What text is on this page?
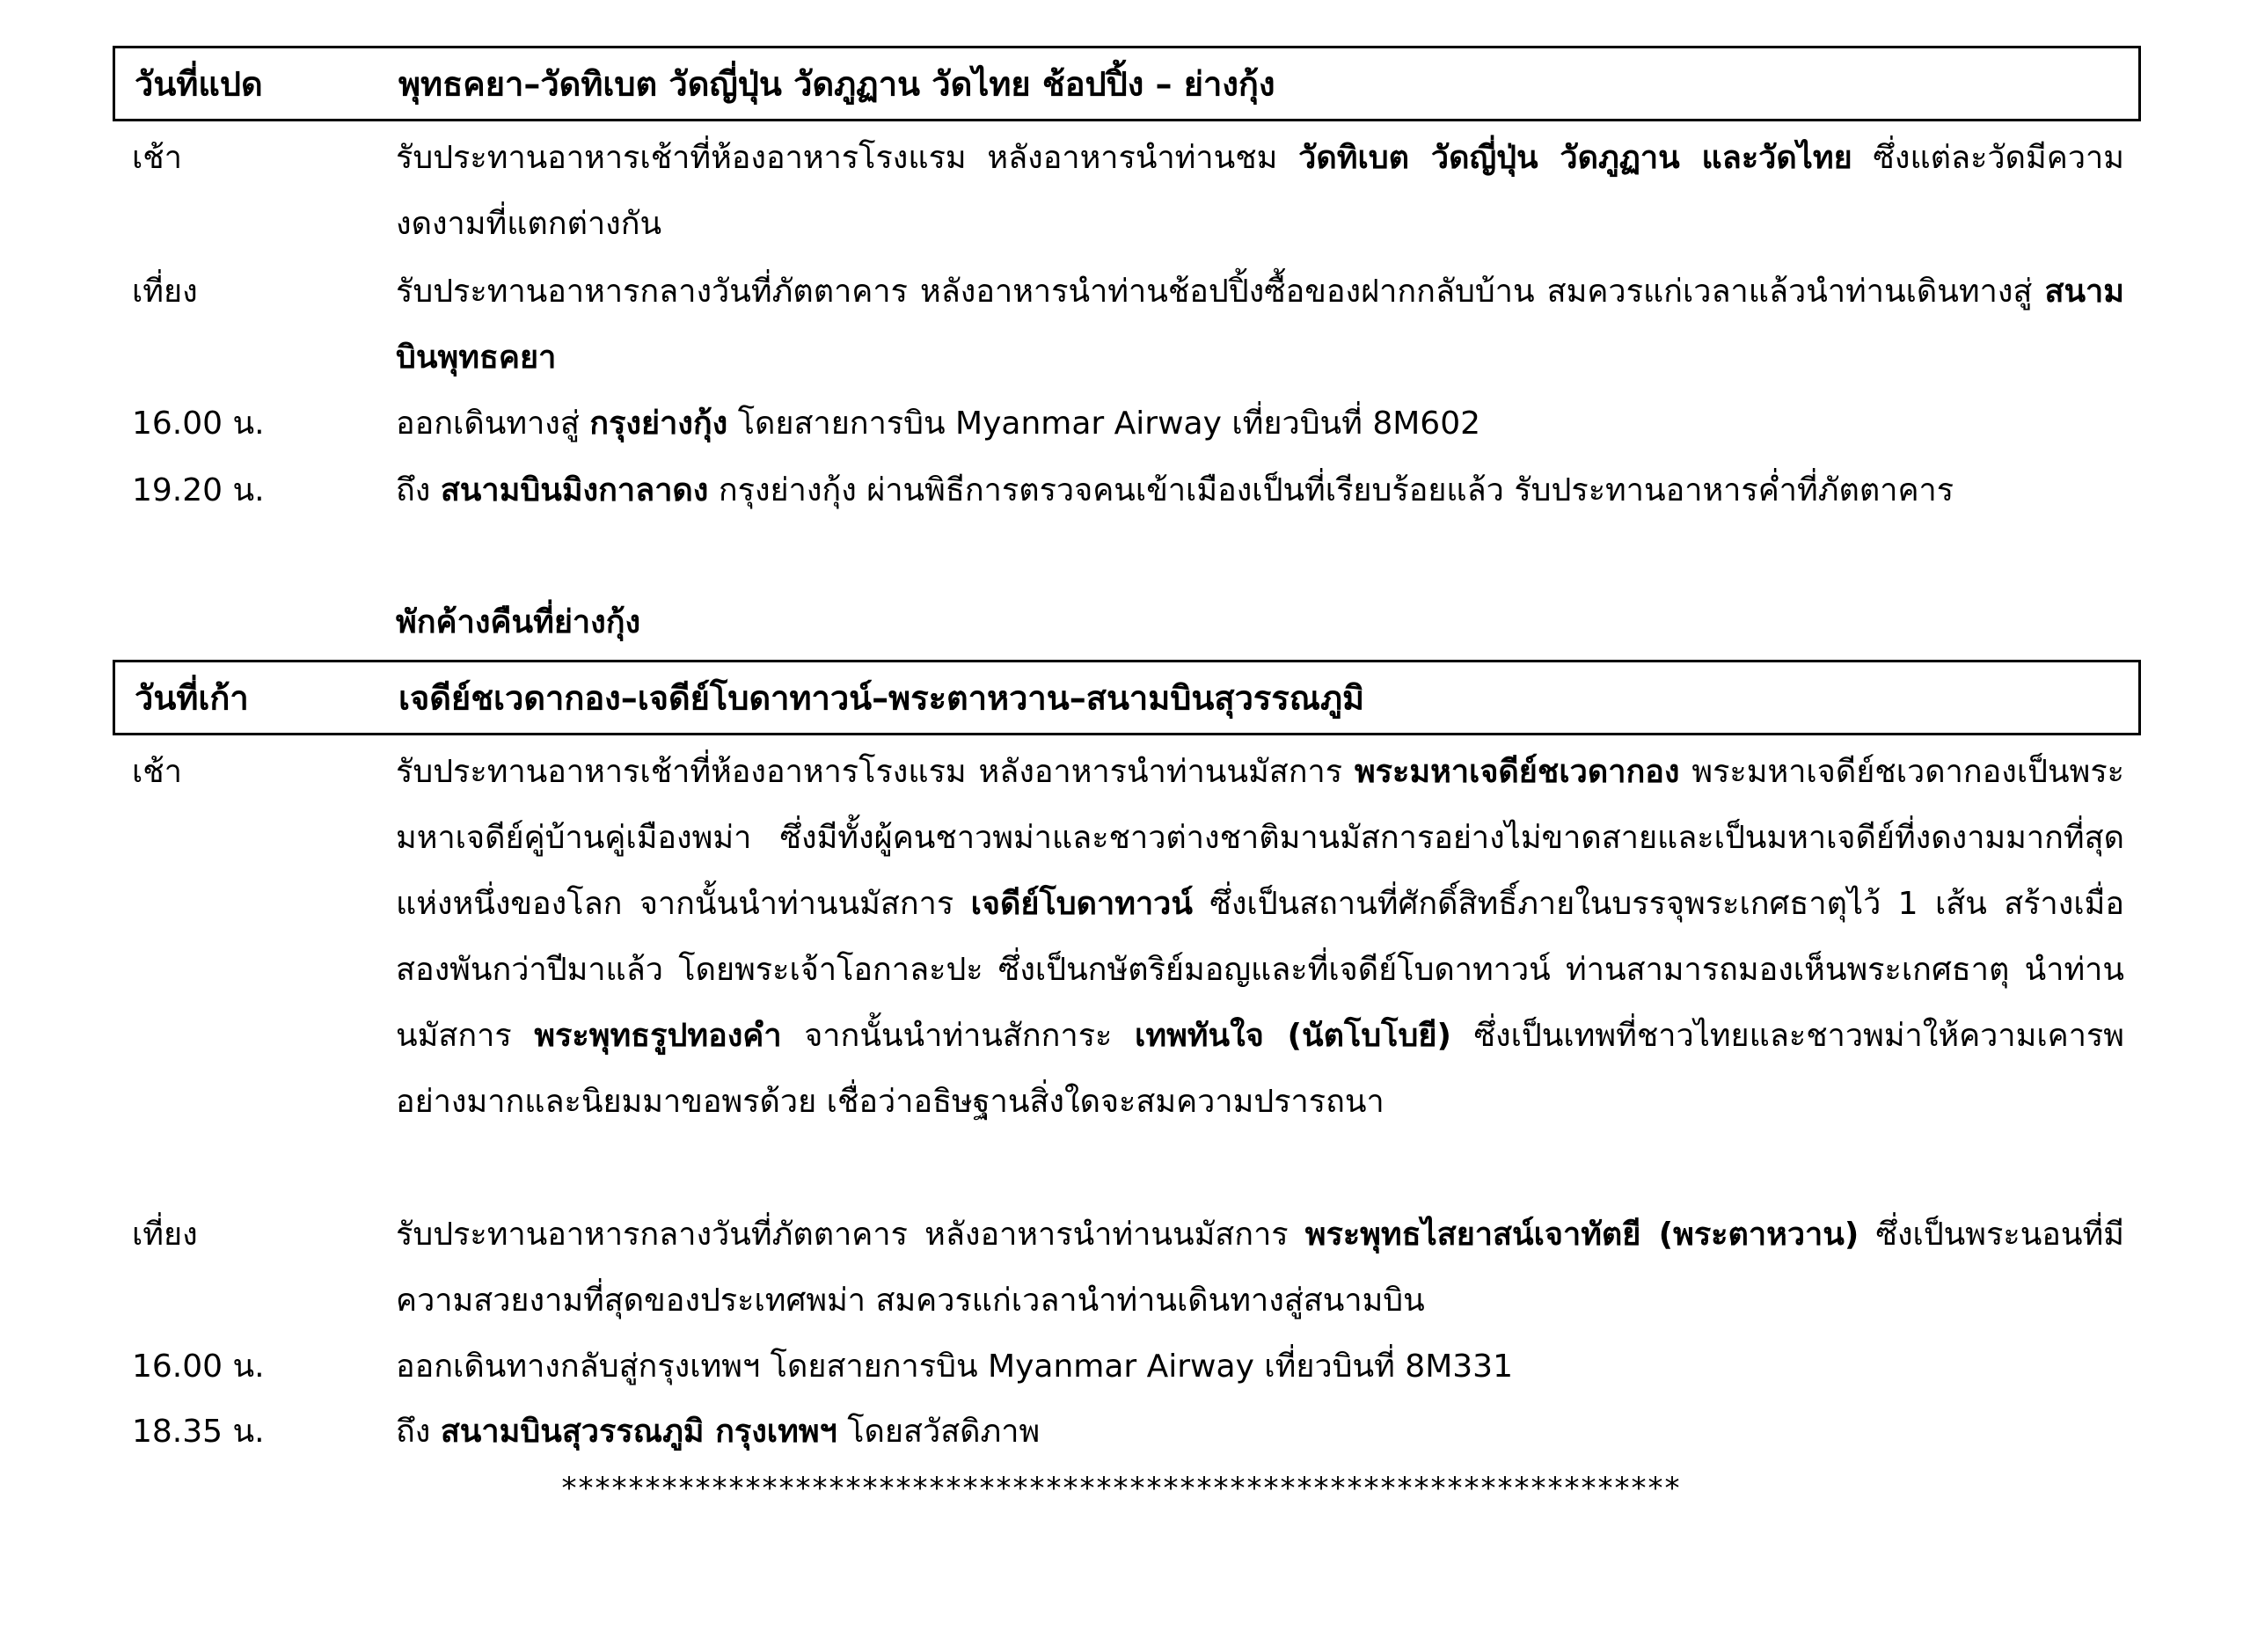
วันที่แปด	พุทธคยา–วัดทิเบต วัดญี่ปุ่น วัดภูฏาน วัดไทย ช้อปปิ้ง – ย่างกุ้ง
เช้า	รับประทานอาหารเช้าที่ห้องอาหารโรงแรม หลังอาหารนำท่านชม วัดทิเบต วัดญี่ปุ่น วัดภูฏาน และวัดไทย ซึ่งแต่ละวัดมีความงดงามที่แตกต่างกัน
เที่ยง	รับประทานอาหารกลางวันที่ภัตตาคาร หลังอาหารนำท่านช้อปปิ้งซื้อของฝากกลับบ้าน สมควรแก่เวลาแล้วนำท่านเดินทางสู่ สนามบินพุทธคยา
16.00 น.	ออกเดินทางสู่ กรุงย่างกุ้ง โดยสายการบิน Myanmar Airway เที่ยวบินที่ 8M602
19.20 น.	ถึง สนามบินมิงกาลาดง กรุงย่างกุ้ง ผ่านพิธีการตรวจคนเข้าเมืองเป็นที่เรียบร้อยแล้ว รับประทานอาหารค่ำที่ภัตตาคาร
พักค้างคืนที่ย่างกุ้ง
วันที่เก้า	เจดีย์ชเวดากอง–เจดีย์โบดาทาวน์–พระตาหวาน–สนามบินสุวรรณภูมิ
เช้า	รับประทานอาหารเช้าที่ห้องอาหารโรงแรม หลังอาหารนำท่านนมัสการ พระมหาเจดีย์ชเวดากอง พระมหาเจดีย์ชเวดากองเป็นพระมหาเจดีย์คู่บ้านคู่เมืองพม่า ซึ่งมีทั้งผู้คนชาวพม่าและชาวต่างชาติมานมัสการอย่างไม่ขาดสายและเป็นมหาเจดีย์ที่งดงามมากที่สุดแห่งหนึ่งของโลก จากนั้นนำท่านนมัสการ เจดีย์โบดาทาวน์ ซึ่งเป็นสถานที่ศักดิ์สิทธิ์ภายในบรรจุพระเกศธาตุไว้ 1 เส้น สร้างเมื่อสองพันกว่าปีมาแล้ว โดยพระเจ้าโอกาละปะ ซึ่งเป็นกษัตริย์มอญและที่เจดีย์โบดาทาวน์ ท่านสามารถมองเห็นพระเกศธาตุ นำท่านนมัสการ พระพุทธรูปทองคำ จากนั้นนำท่านสักการะ เทพทันใจ (นัตโบโบยี) ซึ่งเป็นเทพที่ชาวไทยและชาวพม่าให้ความเคารพอย่างมากและนิยมมาขอพรด้วย เชื่อว่าอธิษฐานสิ่งใดจะสมความปรารถนา
เที่ยง	รับประทานอาหารกลางวันที่ภัตตาคาร หลังอาหารนำท่านนมัสการ พระพุทธไสยาสน์เจาทัตยี (พระตาหวาน) ซึ่งเป็นพระนอนที่มีความสวยงามที่สุดของประเทศพม่า สมควรแก่เวลานำท่านเดินทางสู่สนามบิน
16.00 น.	ออกเดินทางกลับสู่กรุงเทพฯ โดยสายการบิน Myanmar Airway เที่ยวบินที่ 8M331
18.35 น.	ถึง สนามบินสุวรรณภูมิ กรุงเทพฯ โดยสวัสดิภาพ
*******************************************************************
